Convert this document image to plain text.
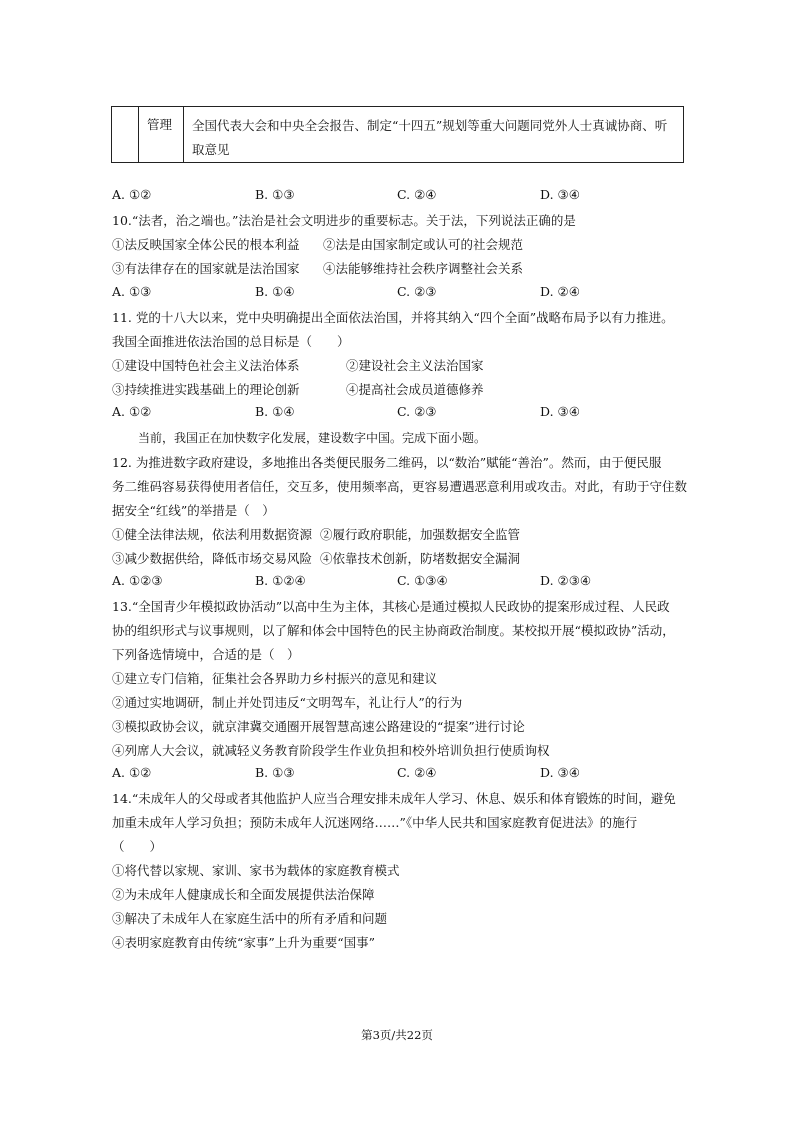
管理 全国代表大会和中央全会报告、制定“十四五”规划等重大问题同党外人士真诚协商、听取意见
A. ①②	B. ①③	C. ②④	D. ③④
10.“法者，治之端也。”法治是社会文明进步的重要标志。关于法，下列说法正确的是
①法反映国家全体公民的根本利益 ②法是由国家制定或认可的社会规范
③有法律存在的国家就是法治国家 ④法能够维持社会秩序调整社会关系
A. ①③	B. ①④	C. ②③	D. ②④
11. 党的十八大以来，党中央明确提出全面依法治国，并将其纳入“四个全面”战略布局予以有力推进。
我国全面推进依法治国的总目标是（　　）
①建设中国特色社会主义法治体系	②建设社会主义法治国家
③持续推进实践基础上的理论创新	④提高社会成员道德修养
A. ①②	B. ①④	C. ②③	D. ③④
当前，我国正在加快数字化发展，建设数字中国。完成下面小题。
12. 为推进数字政府建设，多地推出各类便民服务二维码，以“数治”赋能“善治”。然而，由于便民服
务二维码容易获得使用者信任，交互多，使用频率高，更容易遭遇恶意利用或攻击。对此，有助于守住数
据安全“红线”的举措是（　）
①健全法律法规，依法利用数据资源 ②履行政府职能，加强数据安全监管
③减少数据供给，降低市场交易风险 ④依靠技术创新，防堵数据安全漏洞
A. ①②③	B. ①②④	C. ①③④	D. ②③④
13.“全国青少年模拟政协活动”以高中生为主体，其核心是通过模拟人民政协的提案形成过程、人民政
协的组织形式与议事规则，以了解和体会中国特色的民主协商政治制度。某校拟开展“模拟政协”活动，
下列备选情境中，合适的是（　）
①建立专门信箱，征集社会各界助力乡村振兴的意见和建议
②通过实地调研，制止并处罚违反“文明驾车，礼让行人”的行为
③模拟政协会议，就京津冀交通圈开展智慧高速公路建设的“提案”进行讨论
④列席人大会议，就减轻义务教育阶段学生作业负担和校外培训负担行使质询权
A. ①②	B. ①③	C. ②④	D. ③④
14.“未成年人的父母或者其他监护人应当合理安排未成年人学习、休息、娱乐和体育锻炼的时间，避免
加重未成年人学习负担；预防未成年人沉迷网络……”《中华人民共和国家庭教育促进法》的施行
（　　）
①将代替以家规、家训、家书为载体的家庭教育模式
②为未成年人健康成长和全面发展提供法治保障
③解决了未成年人在家庭生活中的所有矛盾和问题
④表明家庭教育由传统“家事”上升为重要“国事”
第3页/共22页
